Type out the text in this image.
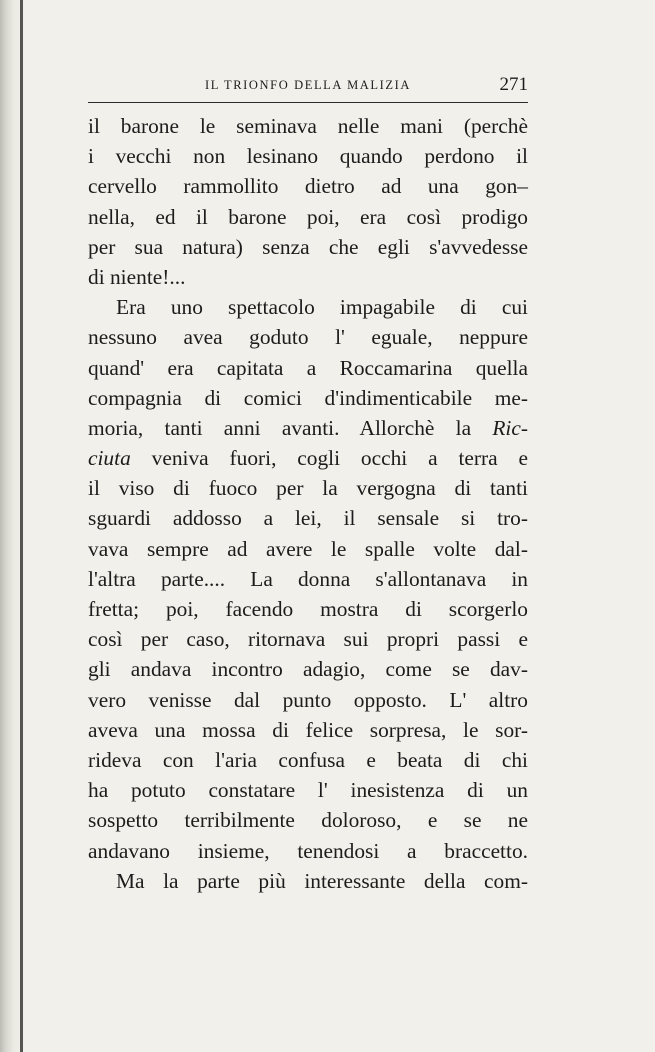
IL TRIONFO DELLA MALIZIA	271
il barone le seminava nelle mani (perchè
i vecchi non lesinano quando perdono il
cervello rammollito dietro ad una gon–
nella, ed il barone poi, era così prodigo
per sua natura) senza che egli s'avvedesse
di niente!...
Era uno spettacolo impagabile di cui
nessuno avea goduto l' eguale, neppure
quand' era capitata a Roccamarina quella
compagnia di comici d'indimenticabile me-
moria, tanti anni avanti. Allorchè la Ric-
ciuta veniva fuori, cogli occhi a terra e
il viso di fuoco per la vergogna di tanti
sguardi addosso a lei, il sensale si tro-
vava sempre ad avere le spalle volte dal-
l'altra parte.... La donna s'allontanava in
fretta; poi, facendo mostra di scorgerlo
così per caso, ritornava sui propri passi e
gli andava incontro adagio, come se dav-
vero venisse dal punto opposto. L' altro
aveva una mossa di felice sorpresa, le sor-
rideva con l'aria confusa e beata di chi
ha potuto constatare l' inesistenza di un
sospetto terribilmente doloroso, e se ne
andavano insieme, tenendosi a braccetto.
Ma la parte più interessante della com-
